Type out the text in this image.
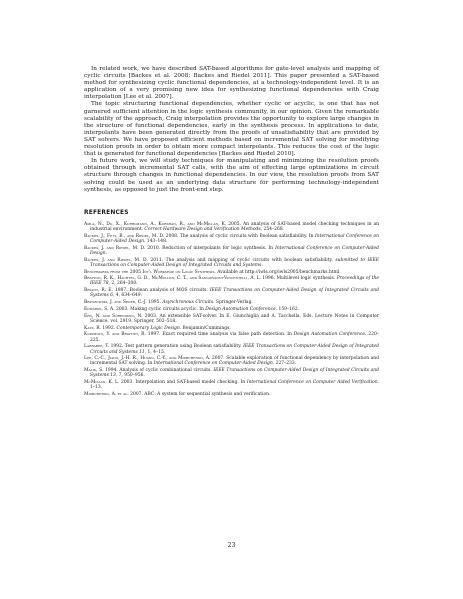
In related work, we have described SAT-based algorithms for gate-level analysis and mapping of cyclic circuits [Backes et al. 2008; Backes and Riedel 2011]. This paper presented a SAT-based method for synthesizing cyclic functional dependencies, at a technology-independent level. It is an application of a very promising new idea for synthesizing functional dependencies with Craig interpolation [Lee et al. 2007].

The topic structuring functional dependencies, whether cyclic or acyclic, is one that has not garnered sufficient attention in the logic synthesis community, in our opinion. Given the remarkable scalability of the approach, Craig interpolation provides the opportunity to explore large changes in the structure of functional dependencies, early in the synthesis process. In applications to date, interpolants have been generated directly from the proofs of unsatisfiability that are provided by SAT solvers. We have proposed efficient methods based on incremental SAT solving for modifying resolution proofs in order to obtain more compact interpolants. This reduces the cost of the logic that is generated for functional dependencies [Backes and Riedel 2010].

In future work, we will study techniques for manipulating and minimizing the resolution proofs obtained through incremental SAT calls, with the aim of effecting large optimizations in circuit structure through changes in functional dependencies. In our view, the resolution proofs from SAT solving could be used as an underlying data structure for performing technology-independent synthesis, as opposed to just the front-end step.

REFERENCES
Amla, N., Du, X., Kuehlmann, A., Kurshan, R., and McMillan, K. 2005. An analysis of SAT-based model checking techniques in an industrial environment. Correct Hardware Design and Verification Methods, 254–268.
Backes, J., Fett, B., and Riedel, M. D. 2008. The analysis of cyclic circuits with Boolean satisfiability. In International Conference on Computer-Aided Design. 143–148.
Backes, J. and Riedel, M. D. 2010. Reduction of interpolants for logic synthesis. In International Conference on Computer-Aided Design.
Backes, J. and Riedel, M. D. 2011. The analysis and mapping of cyclic circuits with boolean satisfiability. submitted to IEEE Transactions on Computer-Aided Design of Integrated Circuits and Systems.
Benchmarks from the 2005 Int'l Workshop on Logic Synthesis. Available at http://iwls.org/iwls2005/benchmarks.html.
Brayton, R. K., Hachtel, G. D., McMullen, C. T., and Sangiovanni-Vincentelli, A. L. 1996. Multilevel logic synthesis. Proceedings of the IEEE 78, 2, 264–300.
Bryant, R. E. 1987. Boolean analysis of MOS circuits. IEEE Transactions on Computer-Aided Design of Integrated Circuits and Systems 6, 4, 634–649.
Brzozowski, J. and Seger, C.-J. 1995. Asynchronous Circuits. Springer-Verlag.
Edwards, S. A. 2003. Making cyclic circuits acyclic. In Design Automation Conference. 159–162.
Eén, N. and Sörensson, N. 2003. An extensible SAT-solver. In E. Giunchiglia and A. Tacchella, Eds. Lecture Notes in Computer Science, vol. 2919. Springer, 502–518.
Katz, R. 1992. Contemporary Logic Design. Benjamin/Cummings.
Kukimoto, Y. and Brayton, R. 1997. Exact required time analysis via false path detection. In Design Automation Conference. 220–225.
Larrabee, T. 1992. Test pattern generation using Boolean satisfiability. IEEE Transactions on Computer-Aided Design of Integrated Circuits and Systems 11, 1, 4–15.
Lee, C.-C., Jiang, J.-H. R., Huang, C.-Y., and Mishchenko, A. 2007. Scalable exploration of functional dependency by interpolation and incremental SAT solving. In International Conference on Computer-Aided Design. 227–233.
Malik, S. 1994. Analysis of cyclic combinational circuits. IEEE Transactions on Computer-Aided Design of Integrated Circuits and Systems 13, 7, 950–956.
McMillan, K. L. 2003. Interpolation and SAT-based model checking. In International Conference on Computer Aided Verification. 1–13.
Mishchenko, A. et al. 2007. ABC: A system for sequential synthesis and verification.
23
